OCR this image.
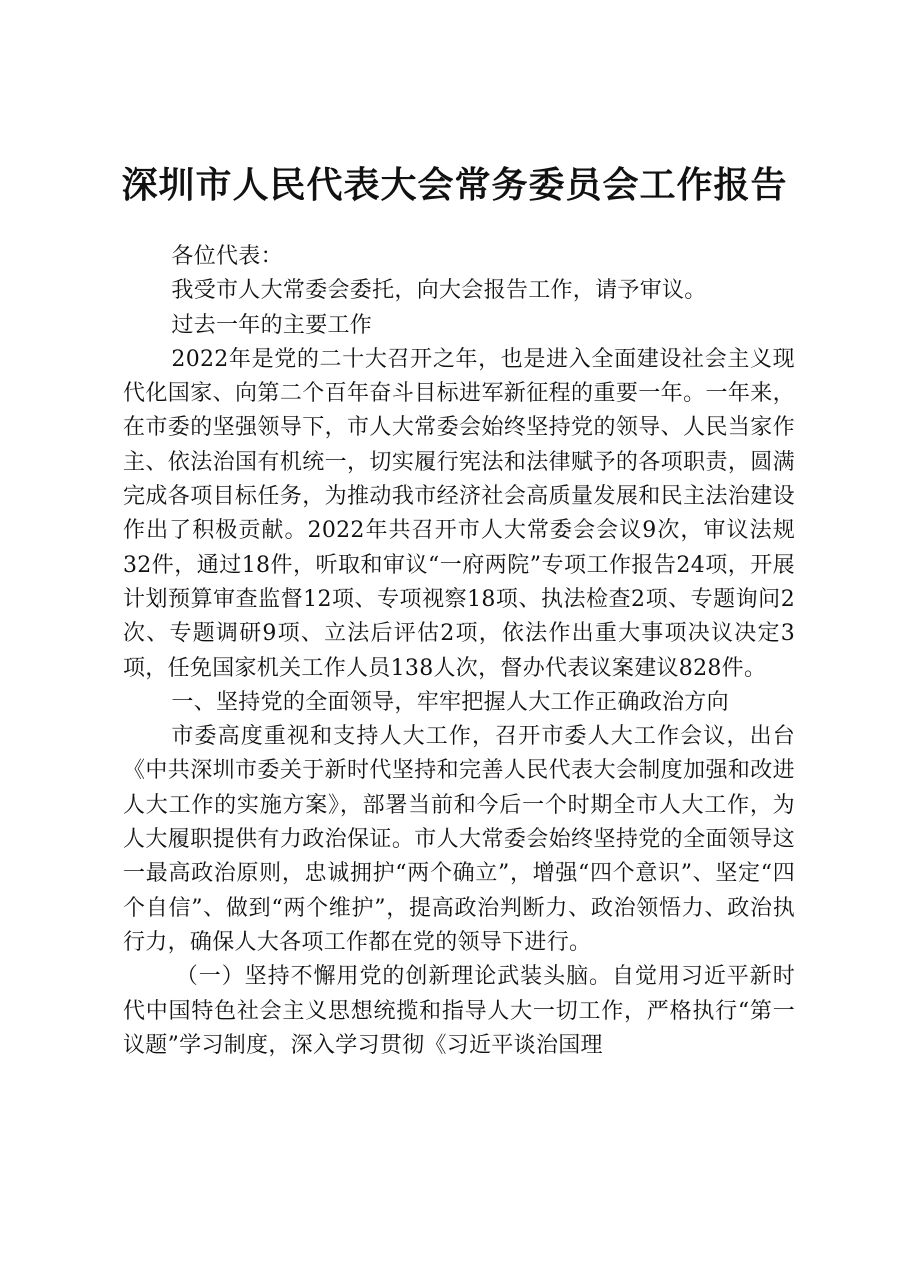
深圳市人民代表大会常务委员会工作报告

各位代表：

我受市人大常委会委托，向大会报告工作，请予审议。

过去一年的主要工作

2022年是党的二十大召开之年，也是进入全面建设社会主义现代化国家、向第二个百年奋斗目标进军新征程的重要一年。一年来，在市委的坚强领导下，市人大常委会始终坚持党的领导、人民当家作主、依法治国有机统一，切实履行宪法和法律赋予的各项职责，圆满完成各项目标任务，为推动我市经济社会高质量发展和民主法治建设作出了积极贡献。2022年共召开市人大常委会会议9次，审议法规32件，通过18件，听取和审议“一府两院”专项工作报告24项，开展计划预算审查监督12项、专项视察18项、执法检查2项、专题询问2次、专题调研9项、立法后评估2项，依法作出重大事项决议决定3项，任免国家机关工作人员138人次，督办代表议案建议828件。

一、坚持党的全面领导，牢牢把握人大工作正确政治方向

市委高度重视和支持人大工作，召开市委人大工作会议，出台《中共深圳市委关于新时代坚持和完善人民代表大会制度加强和改进人大工作的实施方案》，部署当前和今后一个时期全市人大工作，为人大履职提供有力政治保证。市人大常委会始终坚持党的全面领导这一最高政治原则，忠诚拥护“两个确立”，增强“四个意识”、坚定“四个自信”、做到“两个维护”，提高政治判断力、政治领悟力、政治执行力，确保人大各项工作都在党的领导下进行。

（一）坚持不懈用党的创新理论武装头脑。自觉用习近平新时代中国特色社会主义思想统揽和指导人大一切工作，严格执行“第一议题”学习制度，深入学习贯彻《习近平谈治国理
